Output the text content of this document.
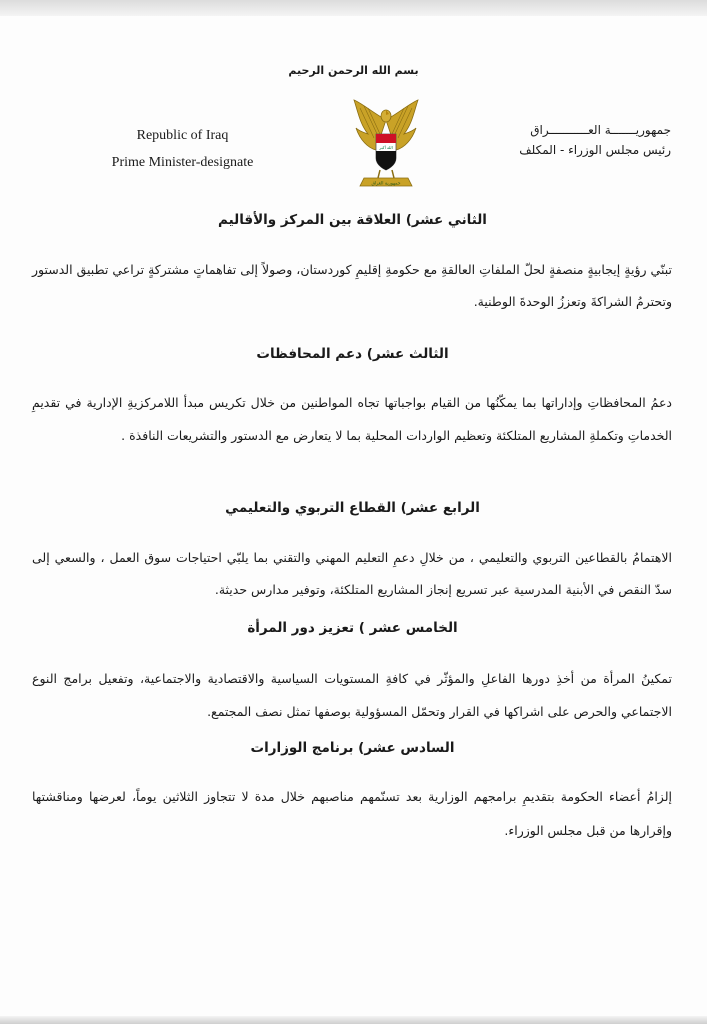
بسم الله الرحمن الرحيم
Republic of Iraq
Prime Minister-designate
جمهوريـــــــة العـــــــــــراق
رئيس مجلس الوزراء - المكلف
الله أكبر
جمهورية العراق
الثاني عشر) العلاقة بين المركز والأقاليم

تبنّي رؤيةٍ إيجابيةٍ منصفةٍ لحلّ الملفاتِ العالقةِ مع حكومةِ إقليمِ كوردستان، وصولاً إلى تفاهماتٍ مشتركةٍ تراعي تطبيق الدستور وتحترمُ الشراكةَ وتعززُ الوحدةَ الوطنية.

الثالث عشر) دعم المحافظات

دعمُ المحافظاتِ وإداراتها بما يمكّنُها من القيام بواجباتها تجاه المواطنين من خلال تكريس مبدأ اللامركزيةِ الإدارية في تقديمِ الخدماتِ وتكملةِ المشاريع المتلكئة وتعظيم الواردات المحلية بما لا يتعارض مع الدستور والتشريعات النافذة .

الرابع عشر) القطاع التربوي والتعليمي

الاهتمامُ بالقطاعين التربوي والتعليمي ، من خلالِ دعمِ التعليم المهني والتقني بما يلبّي احتياجات سوق العمل ، والسعي إلى سدّ النقص في الأبنية المدرسية عبر تسريع إنجاز المشاريع المتلكئة، وتوفير مدارس حديثة.

الخامس عشر ) تعزيز دور المرأة

تمكينُ المرأة من أخذِ دورها الفاعلِ والمؤثّر في كافةِ المستويات السياسية والاقتصادية والاجتماعية، وتفعيل برامج النوع الاجتماعي والحرص على اشراكها في القرار وتحمّل المسؤولية بوصفها تمثل نصف المجتمع.

السادس عشر) برنامج الوزارات

إلزامُ أعضاء الحكومة بتقديمِ برامجهم الوزارية بعد تسنّمهم مناصبهم خلال مدة لا تتجاوز الثلاثين يوماً، لعرضها ومناقشتها وإقرارها من قبل مجلس الوزراء.
